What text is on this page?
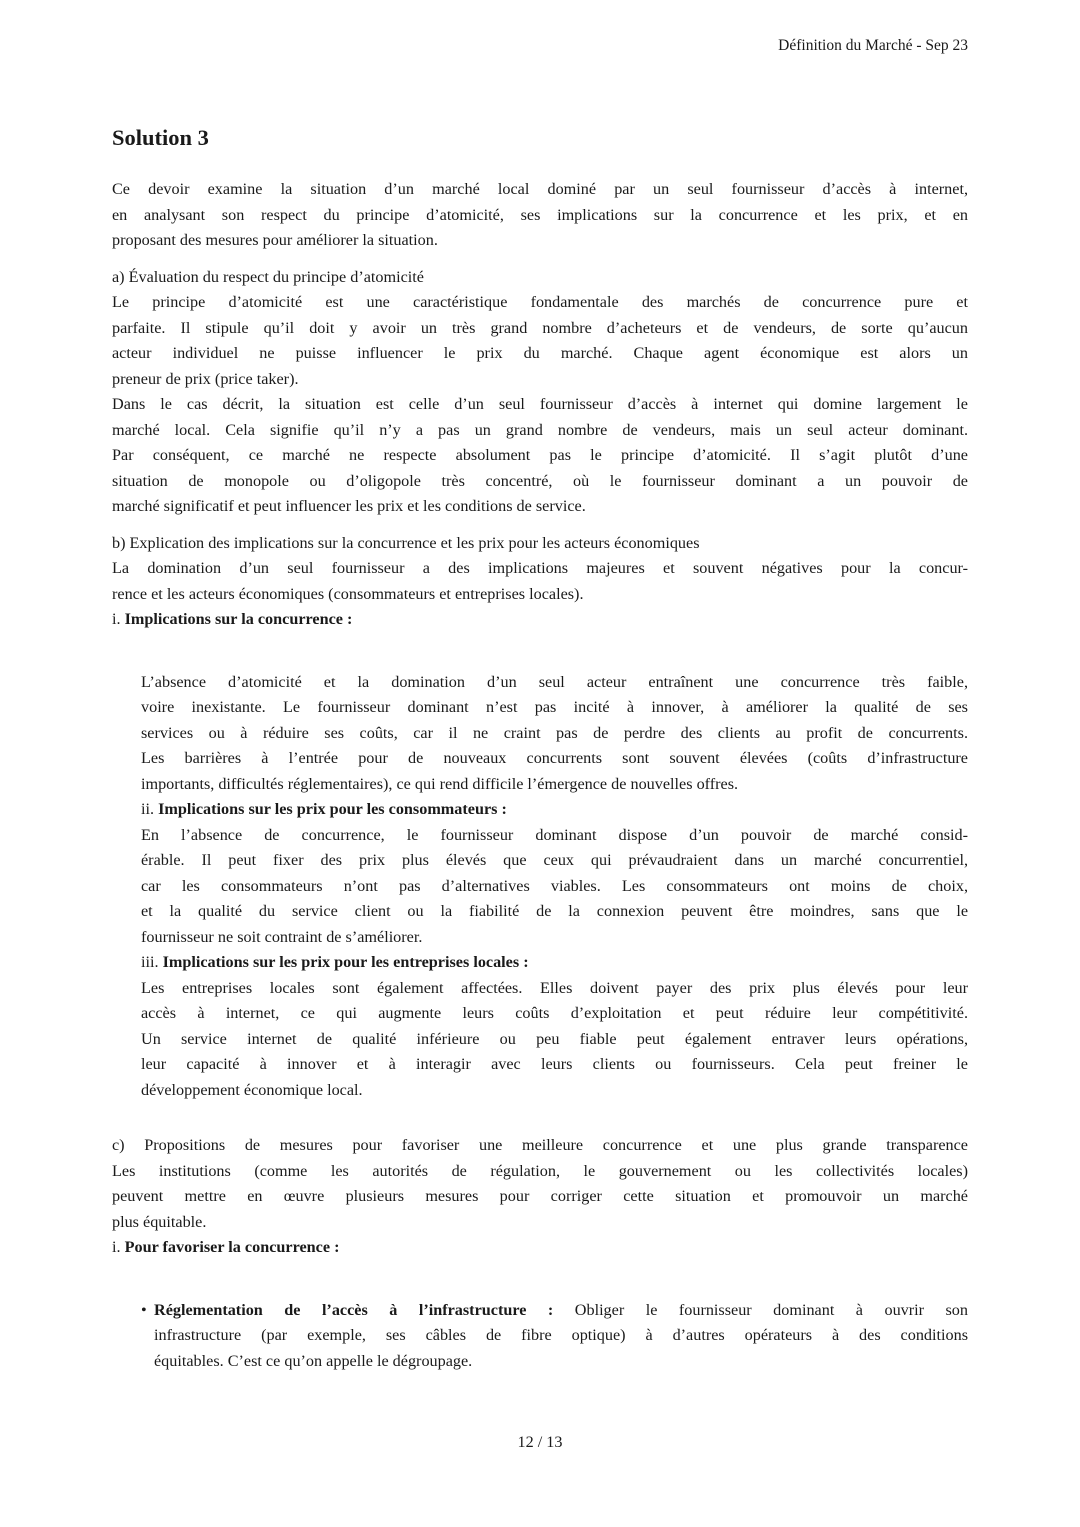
Définition du Marché - Sep 23
Solution 3
Ce devoir examine la situation d’un marché local dominé par un seul fournisseur d’accès à internet,
en analysant son respect du principe d’atomicité, ses implications sur la concurrence et les prix, et en
proposant des mesures pour améliorer la situation.
a) Évaluation du respect du principe d’atomicité
Le principe d’atomicité est une caractéristique fondamentale des marchés de concurrence pure et
parfaite. Il stipule qu’il doit y avoir un très grand nombre d’acheteurs et de vendeurs, de sorte qu’aucun
acteur individuel ne puisse influencer le prix du marché. Chaque agent économique est alors un
preneur de prix (price taker).
Dans le cas décrit, la situation est celle d’un seul fournisseur d’accès à internet qui domine largement le
marché local. Cela signifie qu’il n’y a pas un grand nombre de vendeurs, mais un seul acteur dominant.
Par conséquent, ce marché ne respecte absolument pas le principe d’atomicité. Il s’agit plutôt d’une
situation de monopole ou d’oligopole très concentré, où le fournisseur dominant a un pouvoir de
marché significatif et peut influencer les prix et les conditions de service.
b) Explication des implications sur la concurrence et les prix pour les acteurs économiques
La domination d’un seul fournisseur a des implications majeures et souvent négatives pour la concur-
rence et les acteurs économiques (consommateurs et entreprises locales).
i. Implications sur la concurrence :
L’absence d’atomicité et la domination d’un seul acteur entraînent une concurrence très faible,
voire inexistante. Le fournisseur dominant n’est pas incité à innover, à améliorer la qualité de ses
services ou à réduire ses coûts, car il ne craint pas de perdre des clients au profit de concurrents.
Les barrières à l’entrée pour de nouveaux concurrents sont souvent élevées (coûts d’infrastructure
importants, difficultés réglementaires), ce qui rend difficile l’émergence de nouvelles offres.
ii. Implications sur les prix pour les consommateurs :
En l’absence de concurrence, le fournisseur dominant dispose d’un pouvoir de marché consid-
érable. Il peut fixer des prix plus élevés que ceux qui prévaudraient dans un marché concurrentiel,
car les consommateurs n’ont pas d’alternatives viables. Les consommateurs ont moins de choix,
et la qualité du service client ou la fiabilité de la connexion peuvent être moindres, sans que le
fournisseur ne soit contraint de s’améliorer.
iii. Implications sur les prix pour les entreprises locales :
Les entreprises locales sont également affectées. Elles doivent payer des prix plus élevés pour leur
accès à internet, ce qui augmente leurs coûts d’exploitation et peut réduire leur compétitivité.
Un service internet de qualité inférieure ou peu fiable peut également entraver leurs opérations,
leur capacité à innover et à interagir avec leurs clients ou fournisseurs. Cela peut freiner le
développement économique local.
c) Propositions de mesures pour favoriser une meilleure concurrence et une plus grande transparence
Les institutions (comme les autorités de régulation, le gouvernement ou les collectivités locales)
peuvent mettre en œuvre plusieurs mesures pour corriger cette situation et promouvoir un marché
plus équitable.
i. Pour favoriser la concurrence :
• Réglementation de l’accès à l’infrastructure : Obliger le fournisseur dominant à ouvrir son
infrastructure (par exemple, ses câbles de fibre optique) à d’autres opérateurs à des conditions
équitables. C’est ce qu’on appelle le dégroupage.
12 / 13
